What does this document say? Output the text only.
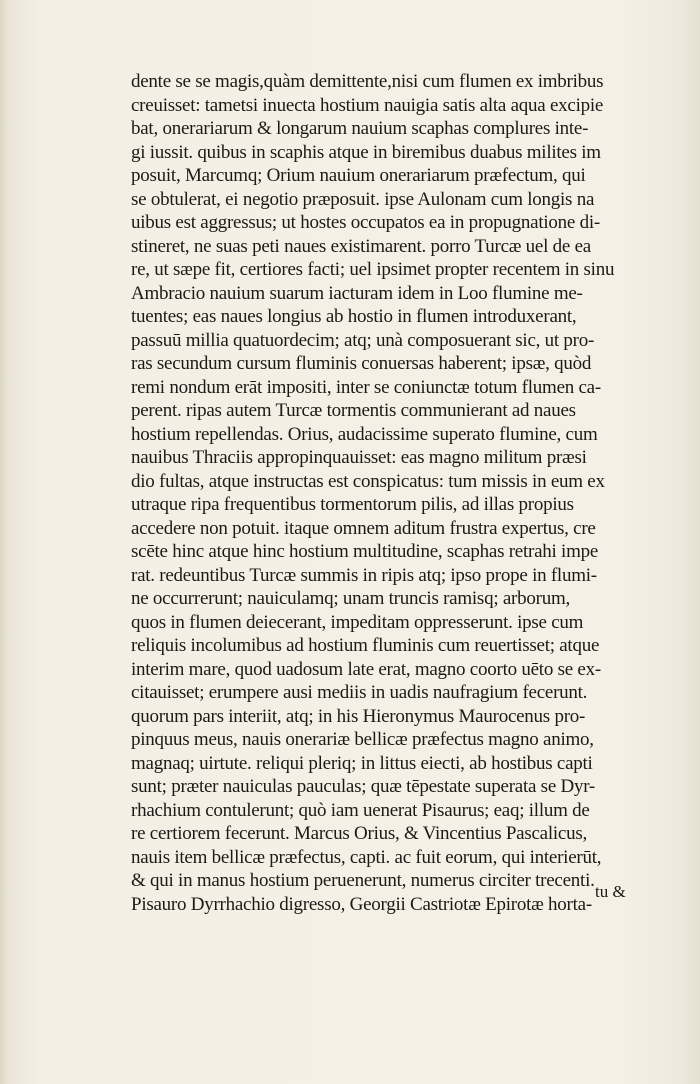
dente se se magis,quàm demittente,nisi cum flumen ex imbribus
creuisset: tametsi inuecta hostium nauigia satis alta aqua excipie
bat, onerariarum & longarum nauium scaphas complures inte-
gi iussit. quibus in scaphis atque in biremibus duabus milites im
posuit, Marcumq; Orium nauium onerariarum præfectum, qui
se obtulerat, ei negotio præposuit. ipse Aulonam cum longis na
uibus est aggressus; ut hostes occupatos ea in propugnatione di-
stineret, ne suas peti naues existimarent. porro Turcæ uel de ea
re, ut sæpe fit, certiores facti; uel ipsimet propter recentem in sinu
Ambracio nauium suarum iacturam idem in Loo flumine me-
tuentes; eas naues longius ab hostio in flumen introduxerant,
passuū millia quatuordecim; atq; unà composuerant sic, ut pro-
ras secundum cursum fluminis conuersas haberent; ipsæ, quòd
remi nondum erāt impositi, inter se coniunctæ totum flumen ca-
perent. ripas autem Turcæ tormentis communierant ad naues
hostium repellendas. Orius, audacissime superato flumine, cum
nauibus Thraciis appropinquauisset: eas magno militum præsi
dio fultas, atque instructas est conspicatus: tum missis in eum ex
utraque ripa frequentibus tormentorum pilis, ad illas propius
accedere non potuit. itaque omnem aditum frustra expertus, cre
scēte hinc atque hinc hostium multitudine, scaphas retrahi impe
rat. redeuntibus Turcæ summis in ripis atq; ipso prope in flumi-
ne occurrerunt; nauiculamq; unam truncis ramisq; arborum,
quos in flumen deiecerant, impeditam oppresserunt. ipse cum
reliquis incolumibus ad hostium fluminis cum reuertisset; atque
interim mare, quod uadosum late erat, magno coorto uēto se ex-
citauisset; erumpere ausi mediis in uadis naufragium fecerunt.
quorum pars interiit, atq; in his Hieronymus Maurocenus pro-
pinquus meus, nauis onerariæ bellicæ præfectus magno animo,
magnaq; uirtute. reliqui pleriq; in littus eiecti, ab hostibus capti
sunt; præter nauiculas pauculas; quæ tēpestate superata se Dyr-
rhachium contulerunt; quò iam uenerat Pisaurus; eaq; illum de
re certiorem fecerunt. Marcus Orius, & Vincentius Pascalicus,
nauis item bellicæ præfectus, capti. ac fuit eorum, qui interierūt,
& qui in manus hostium peruenerunt, numerus circiter trecenti.
Pisauro Dyrrhachio digresso, Georgii Castriotæ Epirotæ horta-
tu &
